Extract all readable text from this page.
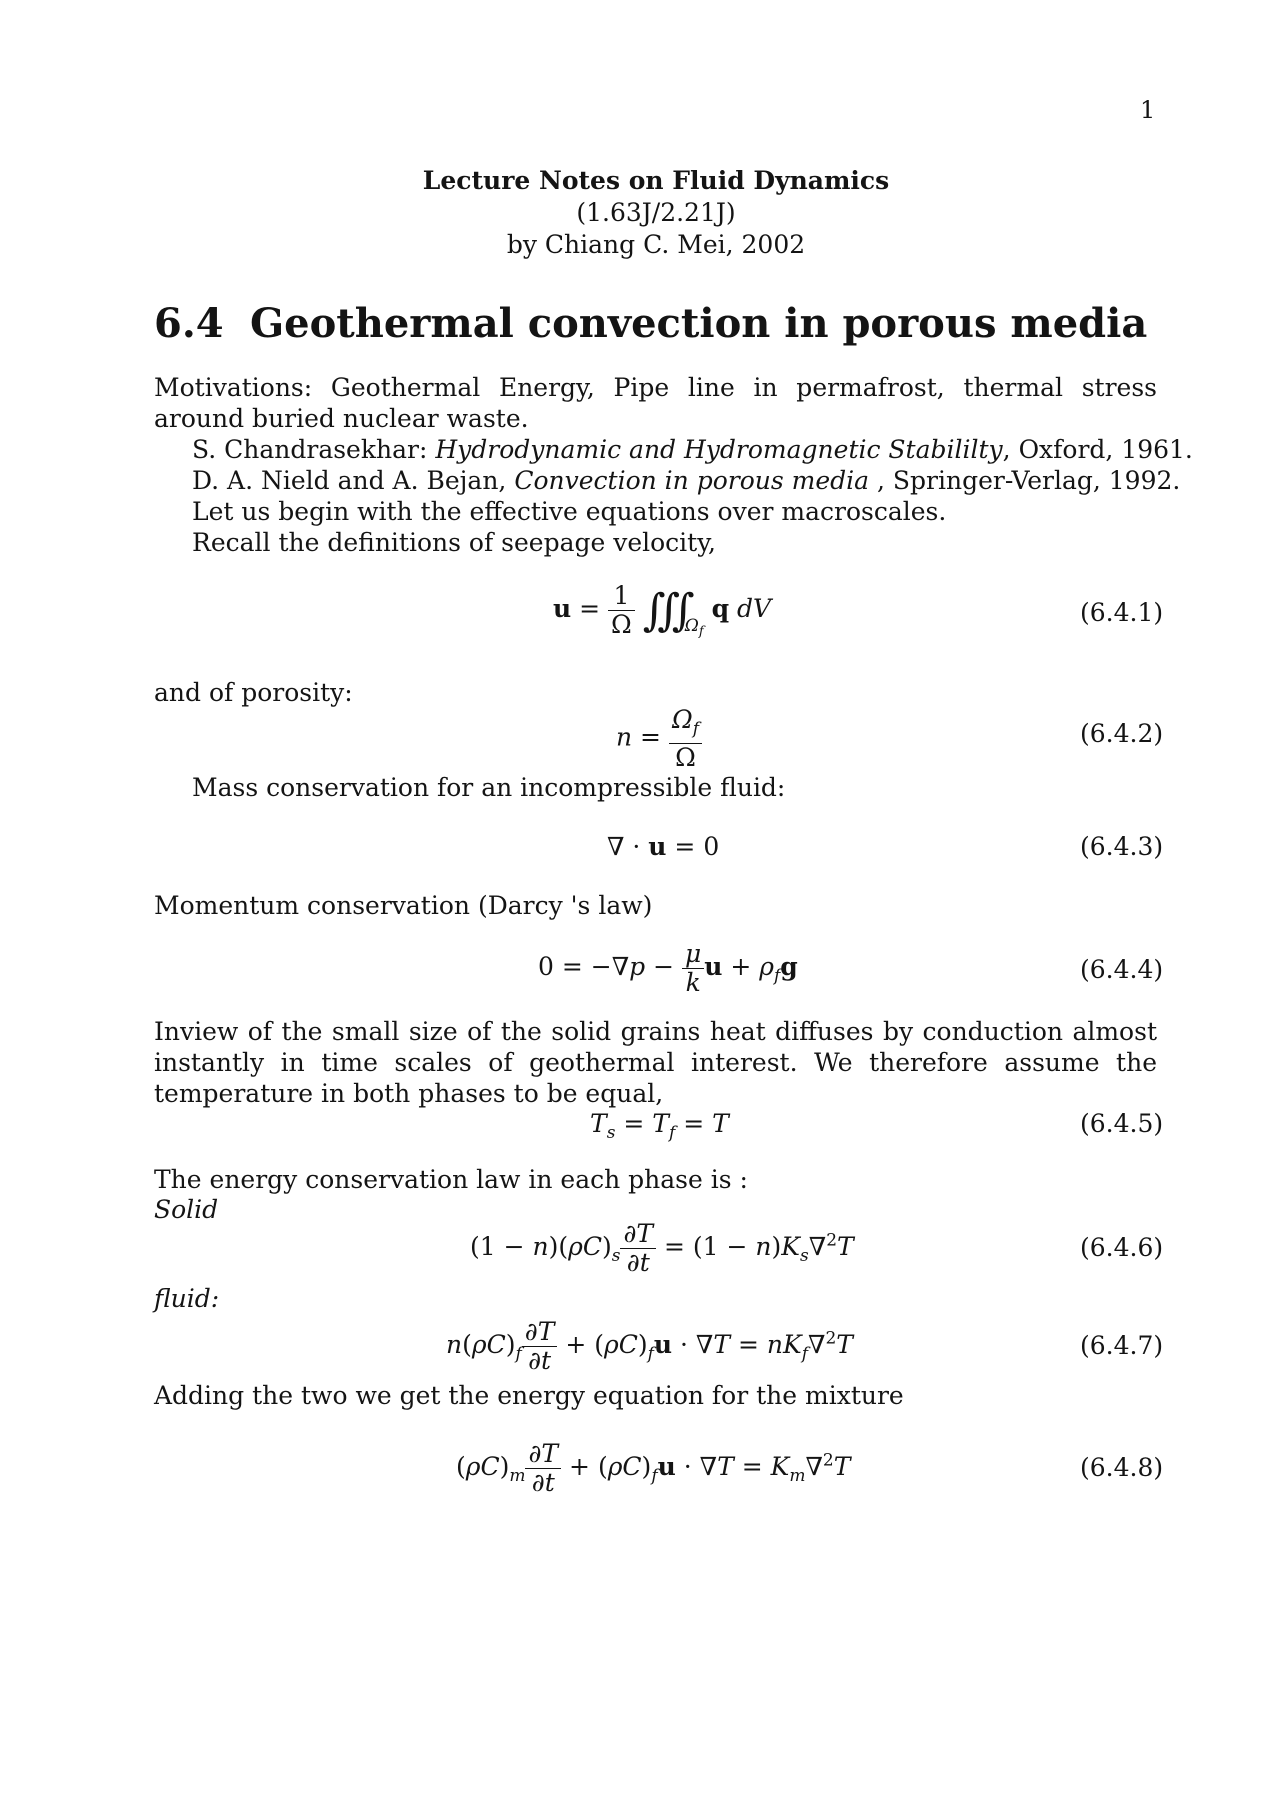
1
Lecture Notes on Fluid Dynamics
(1.63J/2.21J)
by Chiang C. Mei, 2002
6.4 Geothermal convection in porous media
Motivations: Geothermal Energy, Pipe line in permafrost, thermal stress around buried nuclear waste.
S. Chandrasekhar: Hydrodynamic and Hydromagnetic Stabililty, Oxford, 1961.
D. A. Nield and A. Bejan, Convection in porous media , Springer-Verlag, 1992.
Let us begin with the effective equations over macroscales.
Recall the definitions of seepage velocity,
$u = \frac{1}{\Omega}$ $∭_{\Omega_f}$ q dV	(6.4.1)
and of porosity:
$n = \frac{\Omega_f}{\Omega}$	(6.4.2)
Mass conservation for an incompressible fluid:
∇ · u = 0	(6.4.3)
Momentum conservation (Darcy 's law)
$0 = -\nabla p - \frac{\mu}{k}$ $u + \rho_fg$	(6.4.4)
Inview of the small size of the solid grains heat diffuses by conduction almost instantly in time scales of geothermal interest. We therefore assume the temperature in both phases to be equal,
$T_s = T_f = T$	(6.4.5)
The energy conservation law in each phase is :
Solid
$(1 - n)(\rho C)_s \frac{\partial T}{\partial t} = (1 - n)K_s\nabla^2T$	(6.4.6)
fluid:
$n(\rho C)_f \frac{\partial T}{\partial t} + (\rho C)_fu \cdot \nabla T = nK_f\nabla^2T$	(6.4.7)
Adding the two we get the energy equation for the mixture
$(\rho C)_m \frac{\partial T}{\partial t} + (\rho C)_fu \cdot \nabla T = K_m\nabla^2T$	(6.4.8)
